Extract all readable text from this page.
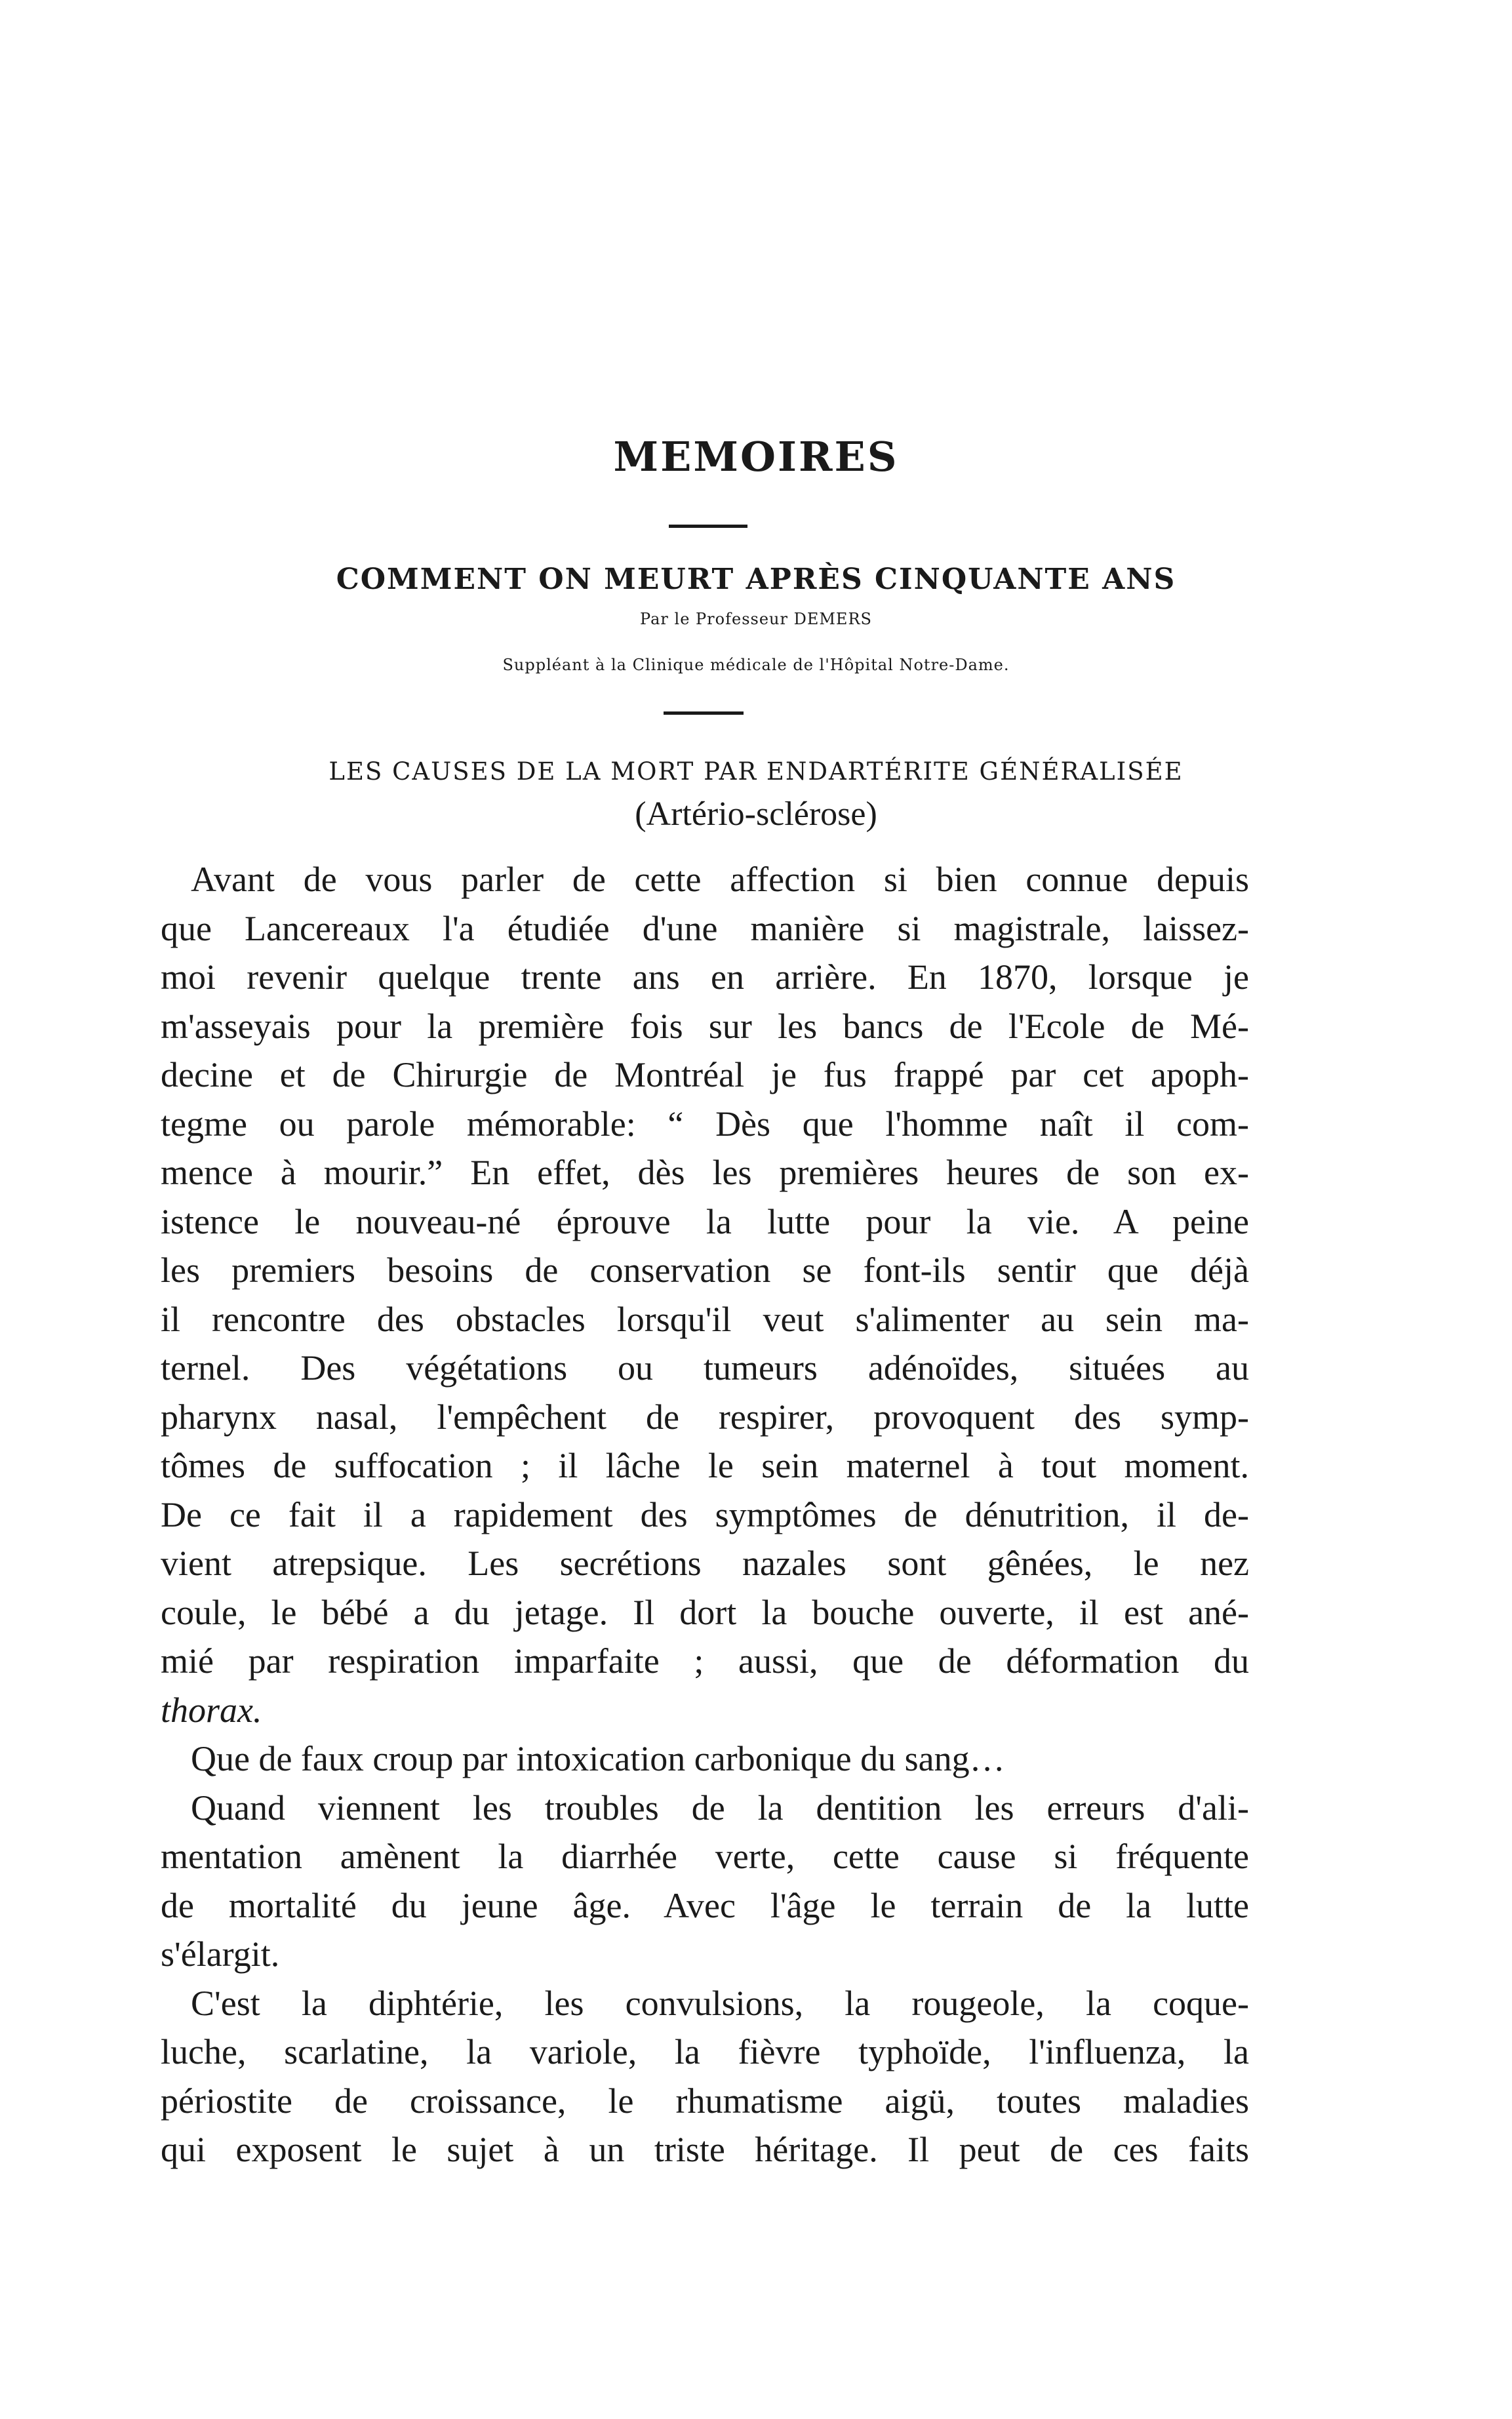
MEMOIRES
COMMENT ON MEURT APRÈS CINQUANTE ANS
Par le Professeur DEMERS
Suppléant à la Clinique médicale de l'Hôpital Notre-Dame.
LES CAUSES DE LA MORT PAR ENDARTÉRITE GÉNÉRALISÉE
(Artério-sclérose)
Avant de vous parler de cette affection si bien connue depuis
que Lancereaux l'a étudiée d'une manière si magistrale, laissez-
moi revenir quelque trente ans en arrière. En 1870, lorsque je
m'asseyais pour la première fois sur les bancs de l'Ecole de Mé-
decine et de Chirurgie de Montréal je fus frappé par cet apoph-
tegme ou parole mémorable: “ Dès que l'homme naît il com-
mence à mourir.” En effet, dès les premières heures de son ex-
istence le nouveau-né éprouve la lutte pour la vie. A peine
les premiers besoins de conservation se font-ils sentir que déjà
il rencontre des obstacles lorsqu'il veut s'alimenter au sein ma-
ternel. Des végétations ou tumeurs adénoïdes, situées au
pharynx nasal, l'empêchent de respirer, provoquent des symp-
tômes de suffocation ; il lâche le sein maternel à tout moment.
De ce fait il a rapidement des symptômes de dénutrition, il de-
vient atrepsique. Les secrétions nazales sont gênées, le nez
coule, le bébé a du jetage. Il dort la bouche ouverte, il est ané-
mié par respiration imparfaite ; aussi, que de déformation du
thorax.
Que de faux croup par intoxication carbonique du sang…
Quand viennent les troubles de la dentition les erreurs d'ali-
mentation amènent la diarrhée verte, cette cause si fréquente
de mortalité du jeune âge. Avec l'âge le terrain de la lutte
s'élargit.
C'est la diphtérie, les convulsions, la rougeole, la coque-
luche, scarlatine, la variole, la fièvre typhoïde, l'influenza, la
périostite de croissance, le rhumatisme aigü, toutes maladies
qui exposent le sujet à un triste héritage. Il peut de ces faits
